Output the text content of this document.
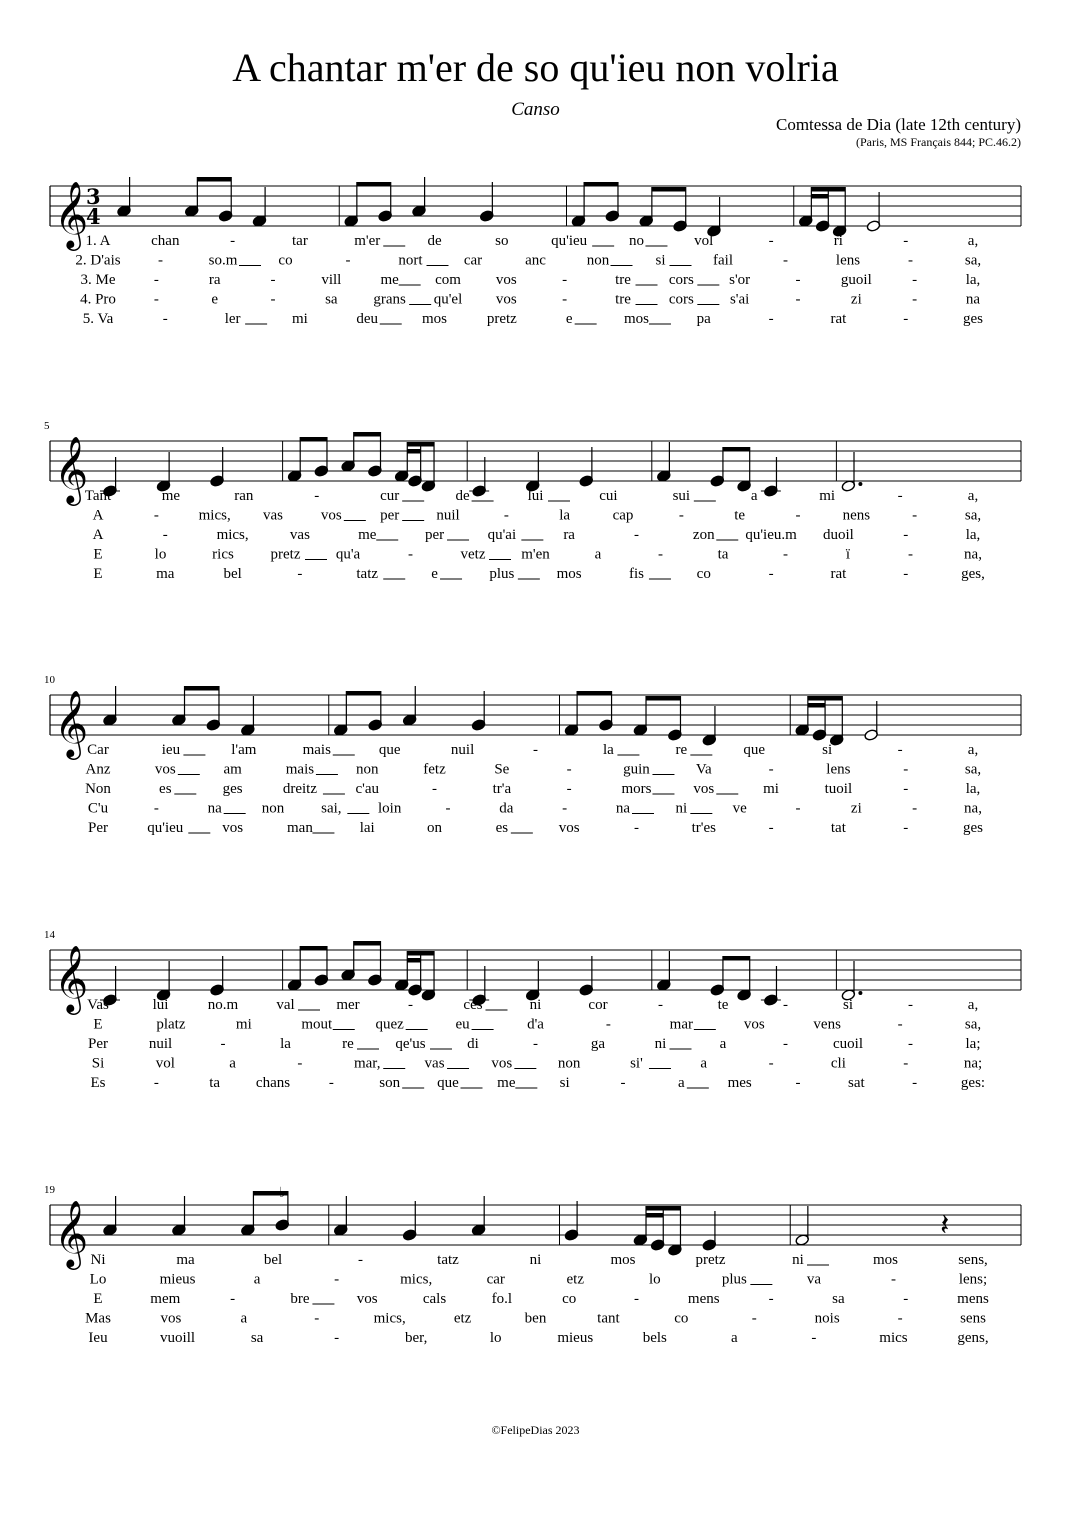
A chantar m'er de so qu'ieu non volria
Canso
Comtessa de Dia (late 12th century)
(Paris, MS Français 844; PC.46.2)
𝄞
3
4
1. A	chan	-	tar	m'er	de	so	qu'ieu	no	vol	-	ri	-	a,
2. D'ais -	so.m	co	-	nort	car	anc	non	si	fail	-	lens	-	sa,
3. Me	-	ra	-	vill	me com vos	-	tre	cors s'or	-	guoil	-	la,
4. Pro	-	e	-	sa grans qu'el vos	-	tre	cors s'ai	-	zi	-	na
5. Va	-	ler	mi	deu	mos	pretz	e	mos	pa	-	rat	-	ges
𝄞
5
Tant	me	ran	-	cur	de	lui	cui	sui	a	mi	-	a,
A	-	mics, vas	vos	per nuil	-	la	cap	-	te	-	nens	-	sa,
A	-	mics,	vas	me	per	qu'ai	ra	-	zon qu'ieu.m duoil	-	la,
E	lo	rics pretz qu'a	-	vetz m'en	a	-	ta	-	ï	-	na,
E	ma	bel	-	tatz	e	plus	mos	fis	co	-	rat	-	ges,
𝄞
10
Car	ieu	l'am	mais	que	nuil	-	la	re	que	si	-	a,
Anz	vos	am	mais	non	fetz	Se	-	guin	Va	-	lens	-	sa,
Non	es	ges	dreitz	c'au	-	tr'a	-	mors	vos	mi	tuoil	-	la,
C'u	-	na	non sai, loin	-	da	-	na	ni	ve	-	zi	-	na,
Per	qu'ieu	vos	man	lai	on	es	vos	-	tr'es	-	tat	-	ges
𝄞
14
Vas	lui	no.m	val	mer	-	ces	ni	cor	-	te	-	si	-	a,
E	platz	mi	mout	quez	eu	d'a	-	mar	vos	vens	-	sa,
Per	nuil	-	la	re	qe'us	di	-	ga	ni	a	-	cuoil	-	la;
Si	vol	a	-	mar,	vas	vos	non	si'	a	-	cli	-	na;
Es	-	ta chans	-	son que	me	si	-	a	mes	-	sat	-	ges:
𝄞
19
𝄽
Ni	ma	bel	-	tatz	ni	mos	pretz	ni	mos	sens,
Lo	mieus	a	-	mics,	car	etz	lo	plus	va	-	lens;
E	mem	-	bre	vos	cals	fo.l	co	-	mens	-	sa	-	mens
Mas	vos	a	-	mics,	etz	ben	tant	co	-	nois	-	sens
Ieu	vuoill	sa	-	ber,	lo	mieus	bels	a	-	mics	gens,
©FelipeDias 2023
